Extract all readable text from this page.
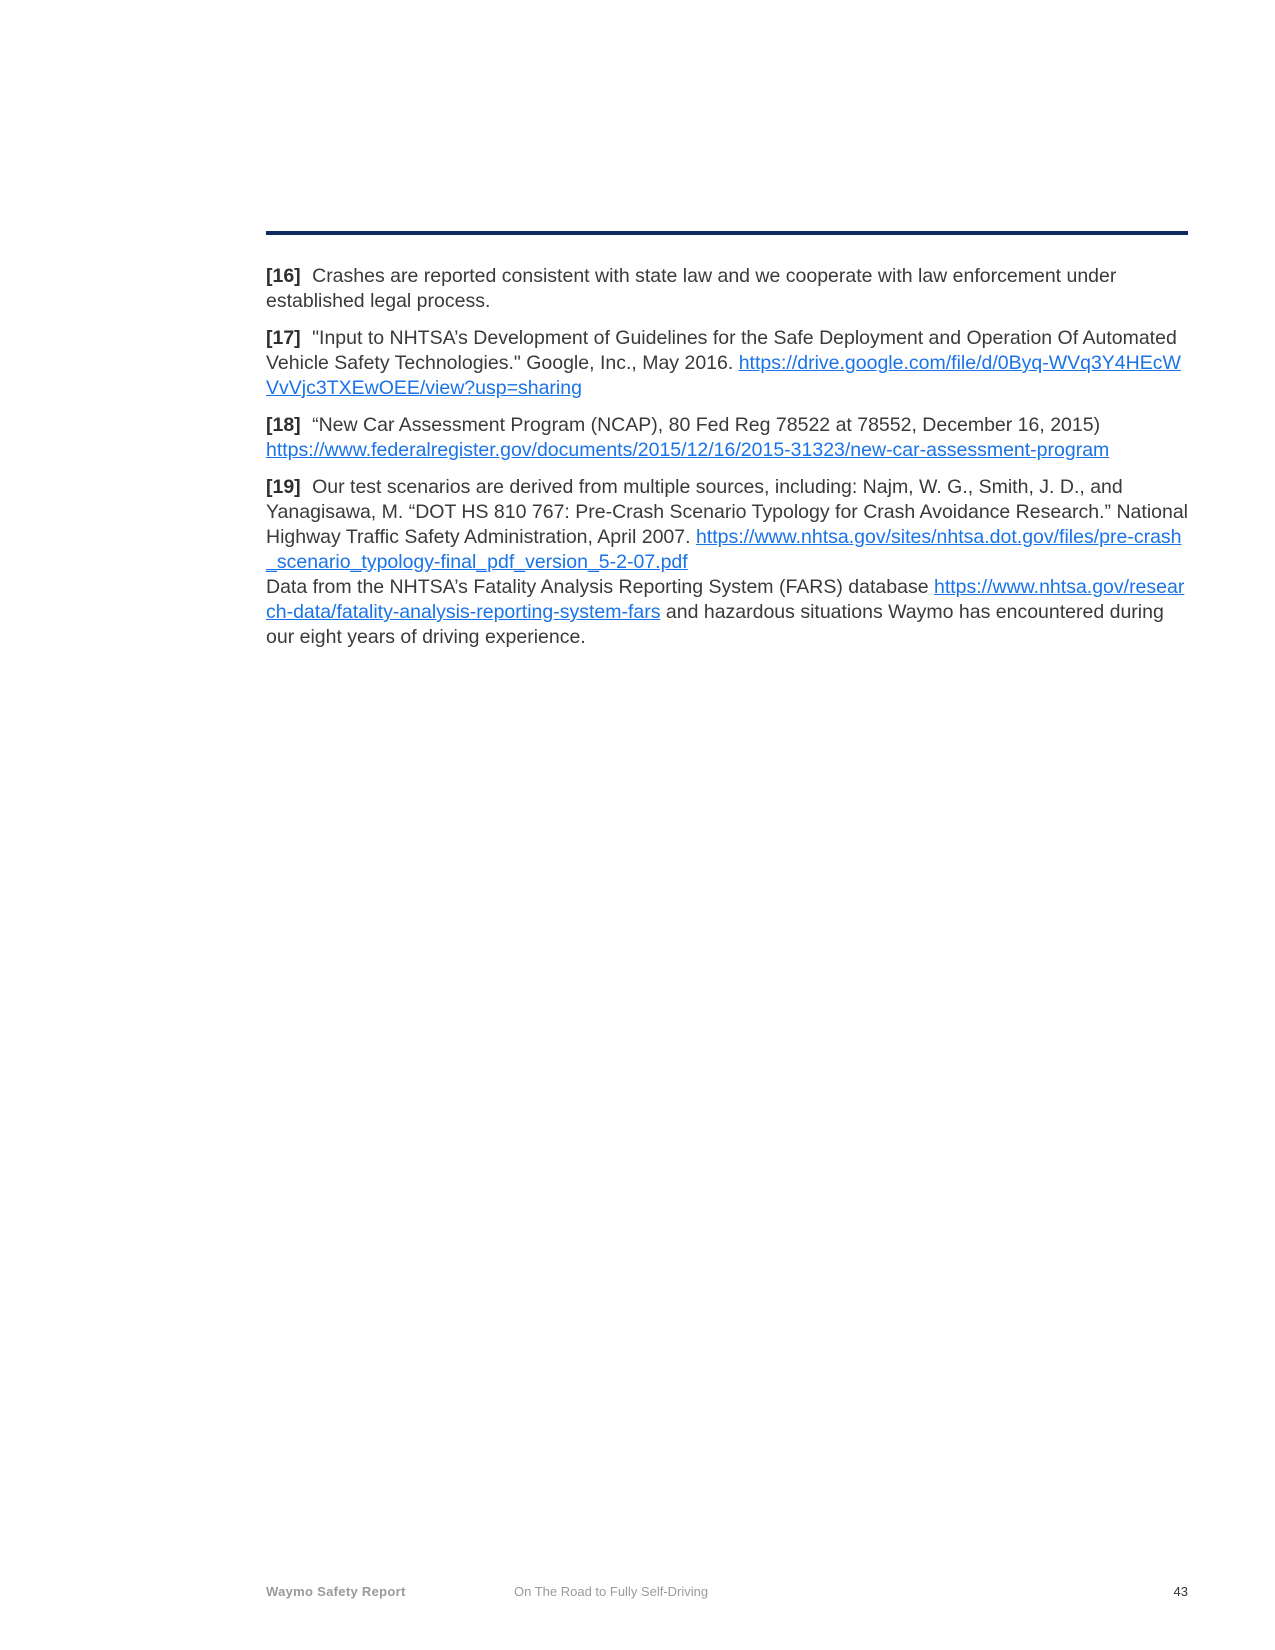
[16] Crashes are reported consistent with state law and we cooperate with law enforcement under established legal process.

[17] "Input to NHTSA’s Development of Guidelines for the Safe Deployment and Operation Of Automated Vehicle Safety Technologies." Google, Inc., May 2016. https://drive.google.com/file/d/0Byq-WVq3Y4HEcWVvVjc3TXEwOEE/view?usp=sharing

[18] “New Car Assessment Program (NCAP), 80 Fed Reg 78522 at 78552, December 16, 2015)
https://www.federalregister.gov/documents/2015/12/16/2015-31323/new-car-assessment-program

[19] Our test scenarios are derived from multiple sources, including: Najm, W. G., Smith, J. D., and Yanagisawa, M. “DOT HS 810 767: Pre-Crash Scenario Typology for Crash Avoidance Research.” National Highway Traffic Safety Administration, April 2007. https://www.nhtsa.gov/sites/nhtsa.dot.gov/files/pre-crash_scenario_typology-final_pdf_version_5-2-07.pdf

Data from the NHTSA’s Fatality Analysis Reporting System (FARS) database https://www.nhtsa.gov/research-data/fatality-analysis-reporting-system-fars and hazardous situations Waymo has encountered during our eight years of driving experience.

Waymo Safety Report	On The Road to Fully Self-Driving	43
